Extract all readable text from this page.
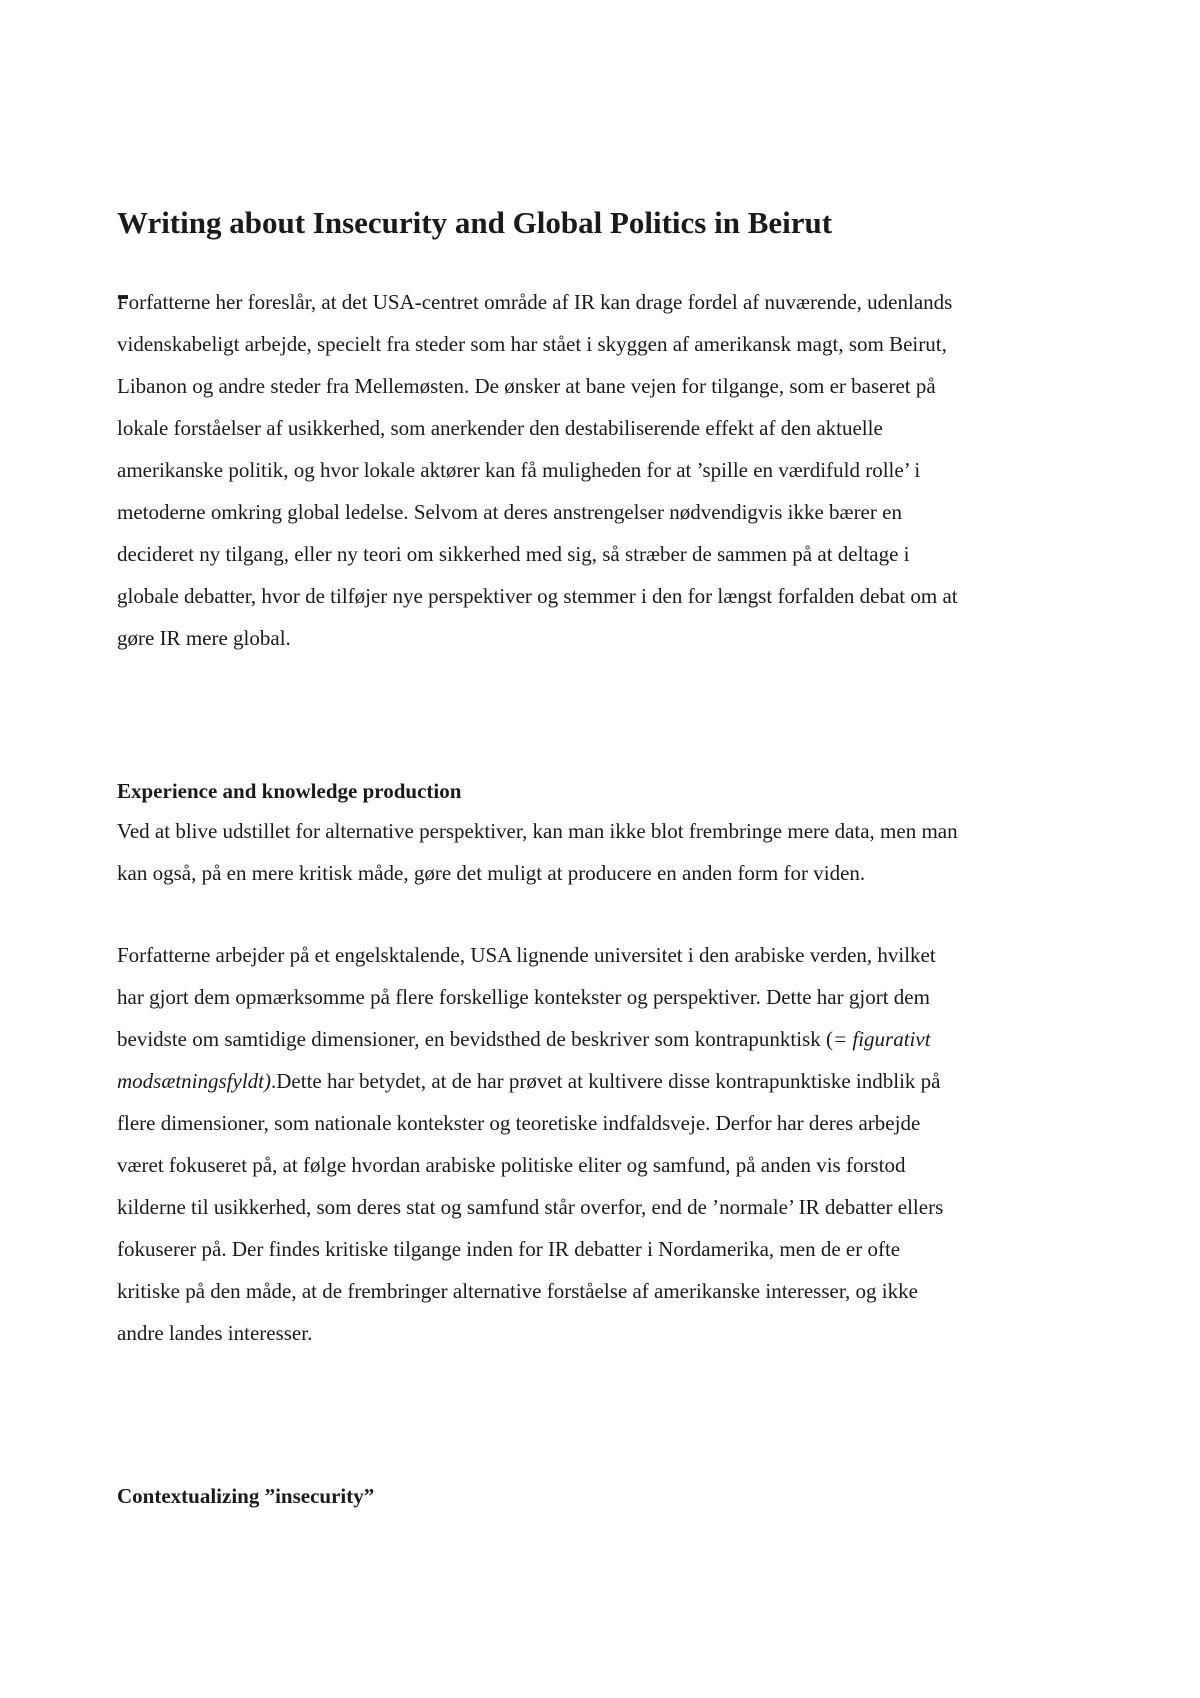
Writing about Insecurity and Global Politics in Beirut
Forfatterne her foreslår, at det USA-centret område af IR kan drage fordel af nuværende, udenlands
videnskabeligt arbejde, specielt fra steder som har stået i skyggen af amerikansk magt, som Beirut,
Libanon og andre steder fra Mellemøsten. De ønsker at bane vejen for tilgange, som er baseret på
lokale forståelser af usikkerhed, som anerkender den destabiliserende effekt af den aktuelle
amerikanske politik, og hvor lokale aktører kan få muligheden for at ’spille en værdifuld rolle’ i
metoderne omkring global ledelse. Selvom at deres anstrengelser nødvendigvis ikke bærer en
decideret ny tilgang, eller ny teori om sikkerhed med sig, så stræber de sammen på at deltage i
globale debatter, hvor de tilføjer nye perspektiver og stemmer i den for længst forfalden debat om at
gøre IR mere global.
Experience and knowledge production
Ved at blive udstillet for alternative perspektiver, kan man ikke blot frembringe mere data, men man
kan også, på en mere kritisk måde, gøre det muligt at producere en anden form for viden.
Forfatterne arbejder på et engelsktalende, USA lignende universitet i den arabiske verden, hvilket
har gjort dem opmærksomme på flere forskellige kontekster og perspektiver. Dette har gjort dem
bevidste om samtidige dimensioner, en bevidsthed de beskriver som kontrapunktisk (= figurativt
modsætningsfyldt).Dette har betydet, at de har prøvet at kultivere disse kontrapunktiske indblik på
flere dimensioner, som nationale kontekster og teoretiske indfaldsveje. Derfor har deres arbejde
været fokuseret på, at følge hvordan arabiske politiske eliter og samfund, på anden vis forstod
kilderne til usikkerhed, som deres stat og samfund står overfor, end de ’normale’ IR debatter ellers
fokuserer på. Der findes kritiske tilgange inden for IR debatter i Nordamerika, men de er ofte
kritiske på den måde, at de frembringer alternative forståelse af amerikanske interesser, og ikke
andre landes interesser.
Contextualizing ”insecurity”
